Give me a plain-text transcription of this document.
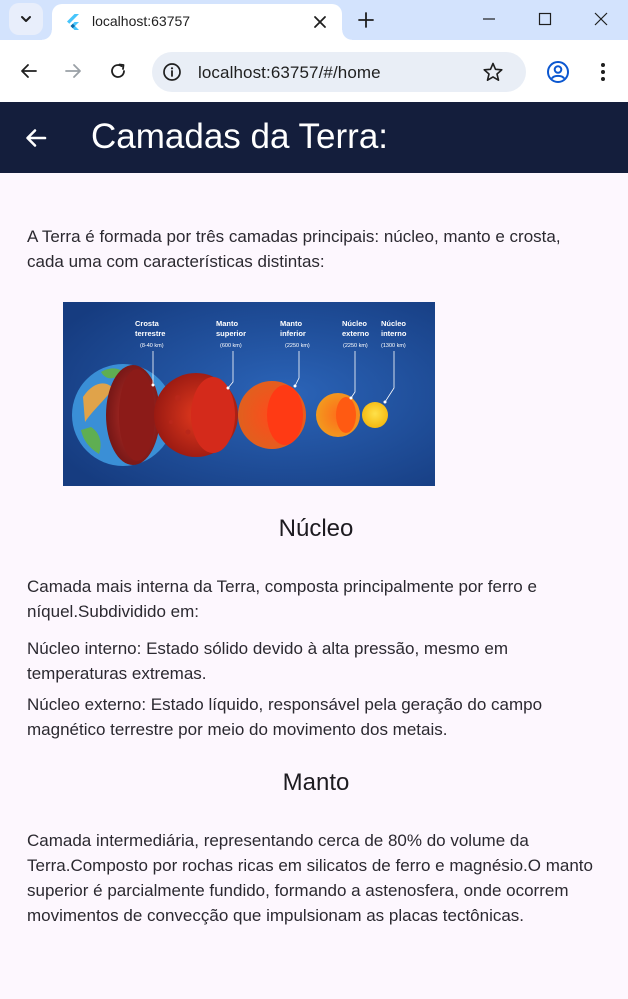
localhost:63757
localhost:63757/#/home
Camadas da Terra:

A Terra é formada por três camadas principais: núcleo, manto e crosta, cada uma com características distintas:

Crosta
terrestre
(8-40 km)
Manto
superior
(600 km)
Manto
inferior
(2250 km)
Núcleo
externo
(2250 km)
Núcleo
interno
(1300 km)
Núcleo

Camada mais interna da Terra, composta principalmente por ferro e níquel.Subdividido em:

Núcleo interno: Estado sólido devido à alta pressão, mesmo em temperaturas extremas.

Núcleo externo: Estado líquido, responsável pela geração do campo magnético terrestre por meio do movimento dos metais.

Manto

Camada intermediária, representando cerca de 80% do volume da Terra.Composto por rochas ricas em silicatos de ferro e magnésio.O manto superior é parcialmente fundido, formando a astenosfera, onde ocorrem movimentos de convecção que impulsionam as placas tectônicas.
